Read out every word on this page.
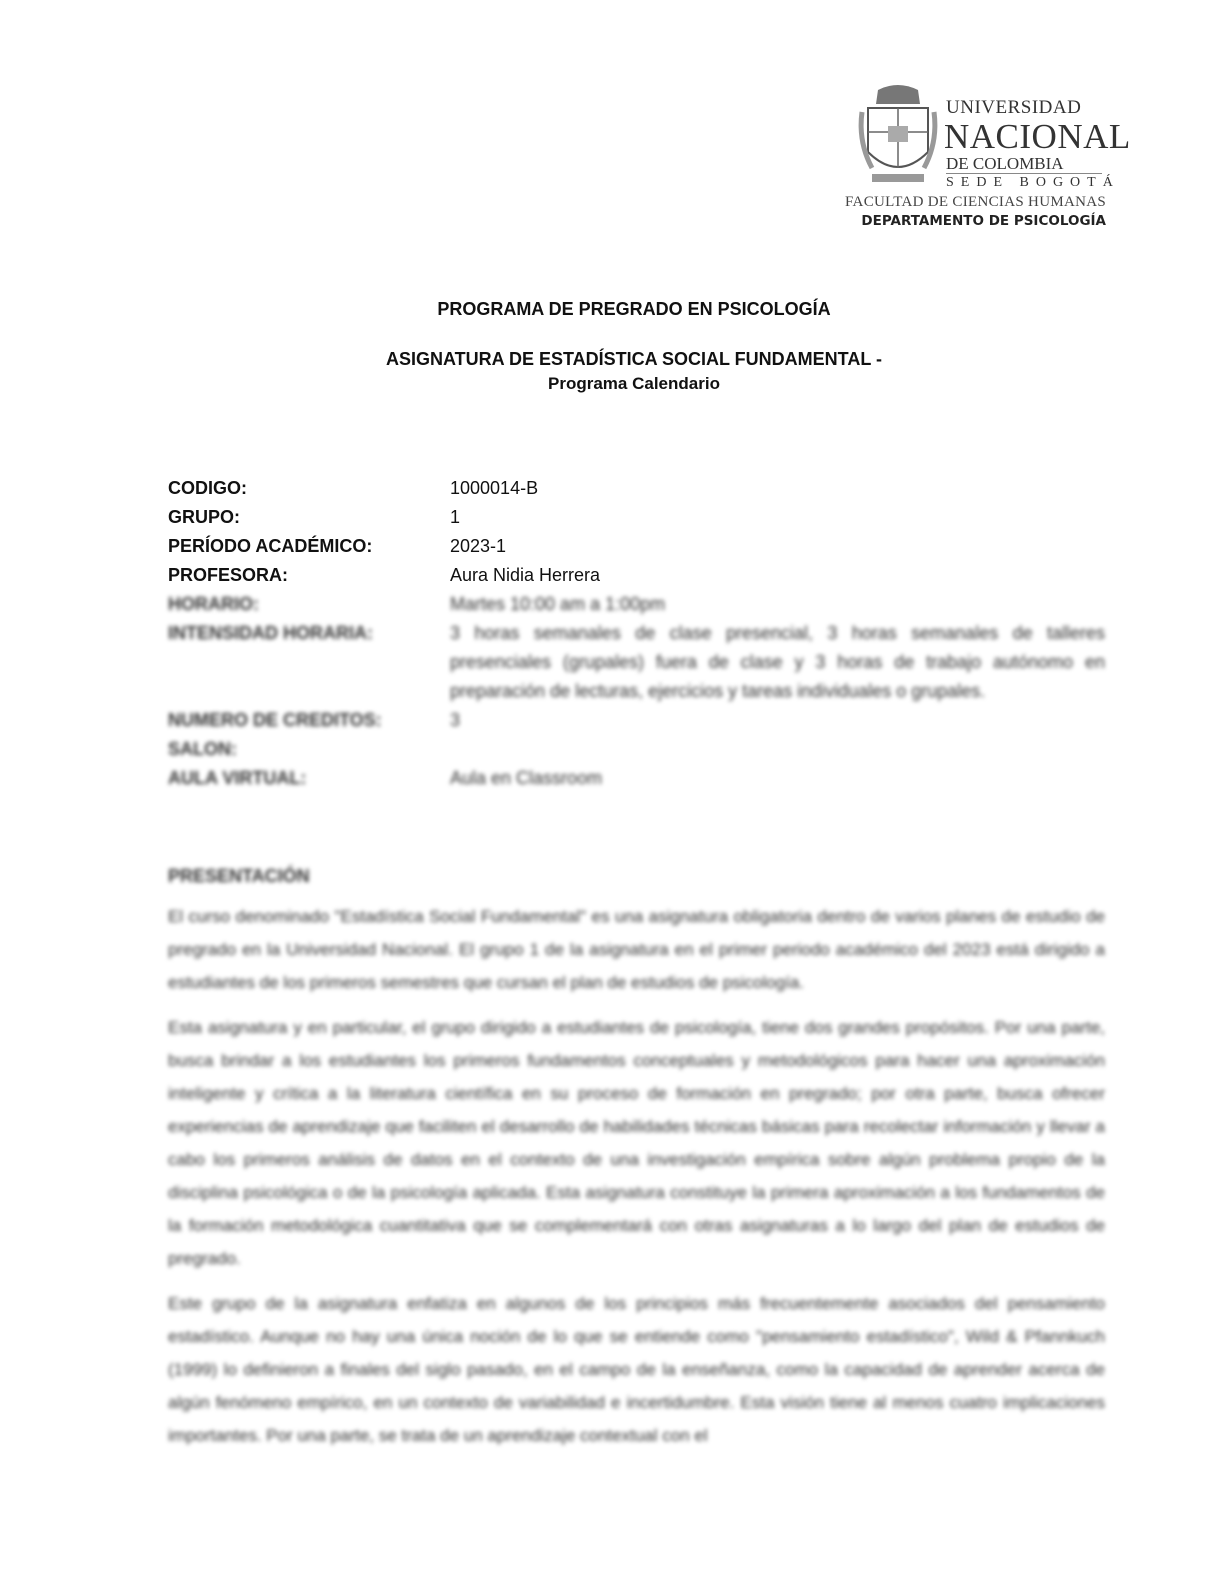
UNIVERSIDAD
NACIONAL
DE COLOMBIA
SEDE BOGOTÁ
FACULTAD DE CIENCIAS HUMANAS
DEPARTAMENTO DE PSICOLOGÍA
PROGRAMA DE PREGRADO EN PSICOLOGÍA
ASIGNATURA DE ESTADÍSTICA SOCIAL FUNDAMENTAL -
Programa Calendario
CODIGO:	1000014-B
GRUPO:	1
PERÍODO ACADÉMICO:	2023-1
PROFESORA:	Aura Nidia Herrera
HORARIO:	Martes 10:00 am a 1:00pm
INTENSIDAD HORARIA:	3 horas semanales de clase presencial, 3 horas semanales de talleres presenciales (grupales) fuera de clase y 3 horas de trabajo autónomo en preparación de lecturas, ejercicios y tareas individuales o grupales.
NUMERO DE CREDITOS:	3
SALON:
AULA VIRTUAL:	Aula en Classroom
PRESENTACIÓN
El curso denominado "Estadística Social Fundamental" es una asignatura obligatoria dentro de varios planes de estudio de pregrado en la Universidad Nacional. El grupo 1 de la asignatura en el primer periodo académico del 2023 está dirigido a estudiantes de los primeros semestres que cursan el plan de estudios de psicología.
Esta asignatura y en particular, el grupo dirigido a estudiantes de psicología, tiene dos grandes propósitos. Por una parte, busca brindar a los estudiantes los primeros fundamentos conceptuales y metodológicos para hacer una aproximación inteligente y crítica a la literatura científica en su proceso de formación en pregrado; por otra parte, busca ofrecer experiencias de aprendizaje que faciliten el desarrollo de habilidades técnicas básicas para recolectar información y llevar a cabo los primeros análisis de datos en el contexto de una investigación empírica sobre algún problema propio de la disciplina psicológica o de la psicología aplicada. Esta asignatura constituye la primera aproximación a los fundamentos de la formación metodológica cuantitativa que se complementará con otras asignaturas a lo largo del plan de estudios de pregrado.
Este grupo de la asignatura enfatiza en algunos de los principios más frecuentemente asociados del pensamiento estadístico. Aunque no hay una única noción de lo que se entiende como "pensamiento estadístico", Wild & Pfannkuch (1999) lo definieron a finales del siglo pasado, en el campo de la enseñanza, como la capacidad de aprender acerca de algún fenómeno empírico, en un contexto de variabilidad e incertidumbre. Esta visión tiene al menos cuatro implicaciones importantes. Por una parte, se trata de un aprendizaje contextual con el
